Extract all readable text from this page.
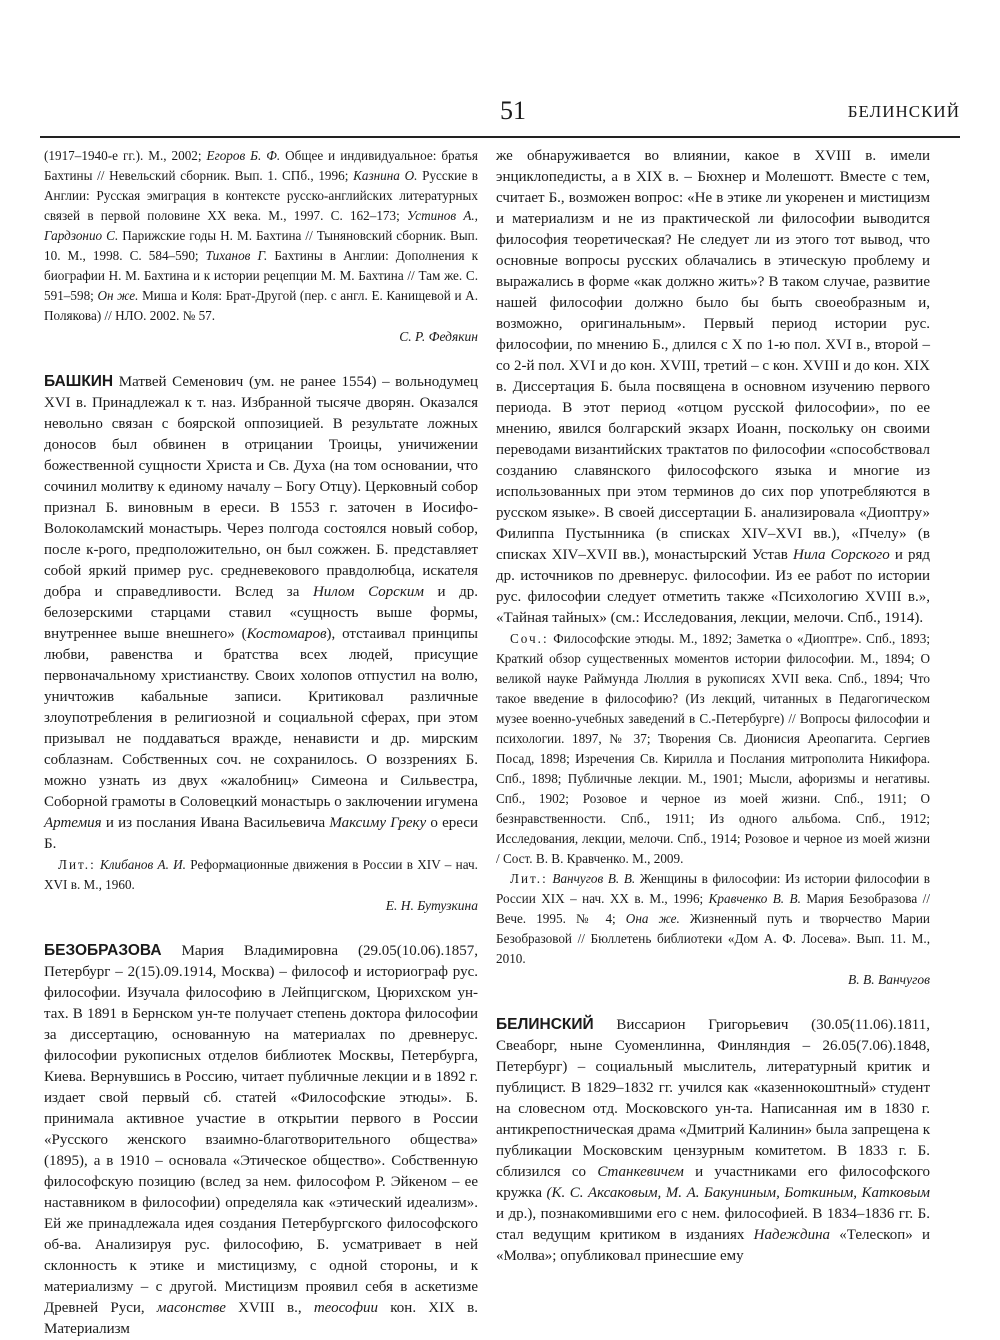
51	БЕЛИНСКИЙ

(1917–1940-е гг.). М., 2002; Егоров Б. Ф. Общее и индивидуальное: братья Бахтины // Невельский сборник. Вып. 1. СПб., 1996; Казнина О. Русские в Англии: Русская эмиграция в контексте русско-английских литературных связей в первой половине XX века. М., 1997. С. 162–173; Устинов А., Гардзонио С. Парижские годы Н. М. Бахтина // Тыняновский сборник. Вып. 10. М., 1998. С. 584–590; Тиханов Г. Бахтины в Англии: Дополнения к биографии Н. М. Бахтина и к истории рецепции М. М. Бахтина // Там же. С. 591–598; Он же. Миша и Коля: Брат-Другой (пер. с англ. Е. Канищевой и А. Полякова) // НЛО. 2002. № 57.

С. Р. Федякин

БАШКИН Матвей Семенович (ум. не ранее 1554) – вольнодумец XVI в. Принадлежал к т. наз. Избранной тысяче дворян. Оказался невольно связан с боярской оппозицией. В результате ложных доносов был обвинен в отрицании Троицы, уничижении божественной сущности Христа и Св. Духа (на том основании, что сочинил молитву к единому началу – Богу Отцу). Церковный собор признал Б. виновным в ереси. В 1553 г. заточен в Иосифо-Волоколамский монастырь. Через полгода состоялся новый собор, после к-рого, предположительно, он был сожжен. Б. представляет собой яркий пример рус. средневекового правдолюбца, искателя добра и справедливости. Вслед за Нилом Сорским и др. белозерскими старцами ставил «сущность выше формы, внутреннее выше внешнего» (Костомаров), отстаивал принципы любви, равенства и братства всех людей, присущие первоначальному христианству. Своих холопов отпустил на волю, уничтожив кабальные записи. Критиковал различные злоупотребления в религиозной и социальной сферах, при этом призывал не поддаваться вражде, ненависти и др. мирским соблазнам. Собственных соч. не сохранилось. О воззрениях Б. можно узнать из двух «жалобниц» Симеона и Сильвестра, Соборной грамоты в Соловецкий монастырь о заключении игумена Артемия и из послания Ивана Васильевича Максиму Греку о ереси Б.

Лит.: Клибанов А. И. Реформационные движения в России в XIV – нач. XVI в. М., 1960.

Е. Н. Бутузкина

БЕЗОБРАЗОВА Мария Владимировна (29.05(10.06).1857, Петербург – 2(15).09.1914, Москва) – философ и историограф рус. философии. Изучала философию в Лейпцигском, Цюрихском ун-тах. В 1891 в Бернском ун-те получает степень доктора философии за диссертацию, основанную на материалах по древнерус. философии рукописных отделов библиотек Москвы, Петербурга, Киева. Вернувшись в Россию, читает публичные лекции и в 1892 г. издает свой первый сб. статей «Философские этюды». Б. принимала активное участие в открытии первого в России «Русского женского взаимно-благотворительного общества» (1895), а в 1910 – основала «Этическое общество». Собственную философскую позицию (вслед за нем. философом Р. Эйкеном – ее наставником в философии) определяла как «этический идеализм». Ей же принадлежала идея создания Петербургского философского об-ва. Анализируя рус. философию, Б. усматривает в ней склонность к этике и мистицизму, с одной стороны, и к материализму – с другой. Мистицизм проявил себя в аскетизме Древней Руси, масонстве XVIII в., теософии кон. XIX в. Материализм

же обнаруживается во влиянии, какое в XVIII в. имели энциклопедисты, а в XIX в. – Бюхнер и Молешотт. Вместе с тем, считает Б., возможен вопрос: «Не в этике ли укоренен и мистицизм и материализм и не из практической ли философии выводится философия теоретическая? Не следует ли из этого тот вывод, что основные вопросы русских облачались в этическую проблему и выражались в форме «как должно жить»? В таком случае, развитие нашей философии должно было бы быть своеобразным и, возможно, оригинальным». Первый период истории рус. философии, по мнению Б., длился с X по 1-ю пол. XVI в., второй – со 2-й пол. XVI и до кон. XVIII, третий – с кон. XVIII и до кон. XIX в. Диссертация Б. была посвящена в основном изучению первого периода. В этот период «отцом русской философии», по ее мнению, явился болгарский экзарх Иоанн, поскольку он своими переводами византийских трактатов по философии «способствовал созданию славянского философского языка и многие из использованных при этом терминов до сих пор употребляются в русском языке». В своей диссертации Б. анализировала «Диоптру» Филиппа Пустынника (в списках XIV–XVI вв.), «Пчелу» (в списках XIV–XVII вв.), монастырский Устав Нила Сорского и ряд др. источников по древнерус. философии. Из ее работ по истории рус. философии следует отметить также «Психологию XVIII в.», «Тайная тайных» (см.: Исследования, лекции, мелочи. Спб., 1914).

Соч.: Философские этюды. М., 1892; Заметка о «Диоптре». Спб., 1893; Краткий обзор существенных моментов истории философии. М., 1894; О великой науке Раймунда Люллия в рукописях XVII века. Спб., 1894; Что такое введение в философию? (Из лекций, читанных в Педагогическом музее военно-учебных заведений в С.-Петербурге) // Вопросы философии и психологии. 1897, № 37; Творения Св. Дионисия Ареопагита. Сергиев Посад, 1898; Изречения Св. Кирилла и Послания митрополита Никифора. Спб., 1898; Публичные лекции. М., 1901; Мысли, афоризмы и негативы. Спб., 1902; Розовое и черное из моей жизни. Спб., 1911; О безнравственности. Спб., 1911; Из одного альбома. Спб., 1912; Исследования, лекции, мелочи. Спб., 1914; Розовое и черное из моей жизни / Сост. В. В. Кравченко. М., 2009.

Лит.: Ванчугов В. В. Женщины в философии: Из истории философии в России XIX – нач. XX в. М., 1996; Кравченко В. В. Мария Безобразова // Вече. 1995. № 4; Она же. Жизненный путь и творчество Марии Безобразовой // Бюллетень библиотеки «Дом А. Ф. Лосева». Вып. 11. М., 2010.

В. В. Ванчугов

БЕЛИНСКИЙ Виссарион Григорьевич (30.05(11.06).1811, Свеаборг, ныне Суоменлинна, Финляндия – 26.05(7.06).1848, Петербург) – социальный мыслитель, литературный критик и публицист. В 1829–1832 гг. учился как «казеннокоштный» студент на словесном отд. Московского ун-та. Написанная им в 1830 г. антикрепостническая драма «Дмитрий Калинин» была запрещена к публикации Московским цензурным комитетом. В 1833 г. Б. сблизился со Станкевичем и участниками его философского кружка (К. С. Аксаковым, М. А. Бакуниным, Боткиным, Катковым и др.), познакомившими его с нем. философией. В 1834–1836 гг. Б. стал ведущим критиком в изданиях Надеждина «Телескоп» и «Молва»; опубликовал принесшие ему
